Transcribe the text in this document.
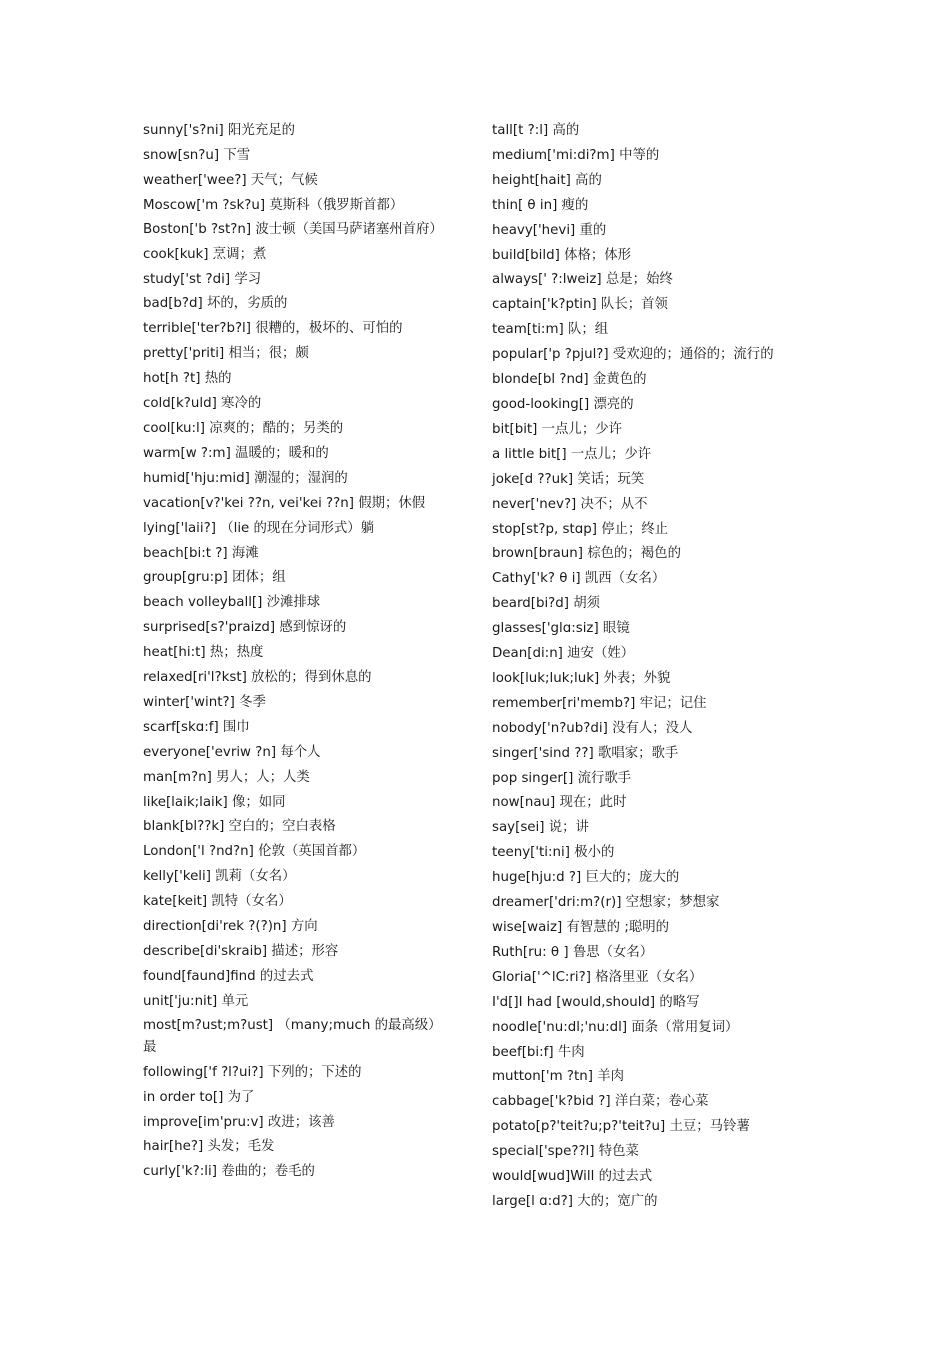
sunny['s?ni] 阳光充足的
snow[sn?u] 下雪
weather['wee?] 天气；气候
Moscow['m ?sk?u] 莫斯科（俄罗斯首都）
Boston['b ?st?n] 波士顿（美国马萨诸塞州首府）
cook[kuk] 烹调；煮
study['st ?di] 学习
bad[b?d] 坏的，劣质的
terrible['ter?b?l] 很糟的，极坏的、可怕的
pretty['priti] 相当；很；颇
hot[h ?t] 热的
cold[k?uld] 寒冷的
cool[ku:l] 凉爽的；酷的；另类的
warm[w ?:m] 温暖的；暖和的
humid['hju:mid] 潮湿的；湿润的
vacation[v?'kei ??n, vei'kei ??n] 假期；休假
lying['laii?] （lie 的现在分词形式）躺
beach[bi:t ?] 海滩
group[gru:p] 团体；组
beach volleyball[] 沙滩排球
surprised[s?'praizd] 感到惊讶的
heat[hi:t] 热；热度
relaxed[ri'l?kst] 放松的；得到休息的
winter['wint?] 冬季
scarf[skɑ:f] 围巾
everyone['evriw ?n] 每个人
man[m?n] 男人；人；人类
like[laik;laik] 像；如同
blank[bl??k] 空白的；空白表格
London['l ?nd?n] 伦敦（英国首都）
kelly['keli] 凯莉（女名）
kate[keit] 凯特（女名）
direction[di'rek ?(?)n] 方向
describe[di'skraib] 描述；形容
found[faund]find 的过去式
unit['ju:nit] 单元
most[m?ust;m?ust] （many;much 的最高级）最
following['f ?l?ui?] 下列的；下述的
in order to[] 为了
improve[im'pru:v] 改进；该善
hair[he?] 头发；毛发
curly['k?:li] 卷曲的；卷毛的
tall[t ?:l] 高的
medium['mi:di?m] 中等的
height[hait] 高的
thin[ θ in] 瘦的
heavy['hevi] 重的
build[bild] 体格；体形
always[' ?:lweiz] 总是；始终
captain['k?ptin] 队长；首领
team[ti:m] 队；组
popular['p ?pjul?] 受欢迎的；通俗的；流行的
blonde[bl ?nd] 金黄色的
good-looking[] 漂亮的
bit[bit] 一点儿；少许
a little bit[] 一点儿；少许
joke[d ??uk] 笑话；玩笑
never['nev?] 决不；从不
stop[st?p, stɑp] 停止；终止
brown[braun] 棕色的；褐色的
Cathy['k? θ i] 凯西（女名）
beard[bi?d] 胡须
glasses['glɑ:siz] 眼镜
Dean[di:n] 迪安（姓）
look[luk;luk;luk] 外表；外貌
remember[ri'memb?] 牢记；记住
nobody['n?ub?di] 没有人；没人
singer['sind ??] 歌唱家；歌手
pop singer[] 流行歌手
now[nau] 现在；此时
say[sei] 说；讲
teeny['ti:ni] 极小的
huge[hju:d ?] 巨大的；庞大的
dreamer['dri:m?(r)] 空想家；梦想家
wise[waiz] 有智慧的 ;聪明的
Ruth[ru: θ ] 鲁思（女名）
Gloria['^lC:ri?] 格洛里亚（女名）
I'd[]I had [would,should] 的略写
noodle['nu:dl;'nu:dl] 面条（常用复词）
beef[bi:f] 牛肉
mutton['m ?tn] 羊肉
cabbage['k?bid ?] 洋白菜；卷心菜
potato[p?'teit?u;p?'teit?u] 土豆；马铃薯
special['spe??l] 特色菜
would[wud]Will 的过去式
large[l ɑ:d?] 大的；宽广的
